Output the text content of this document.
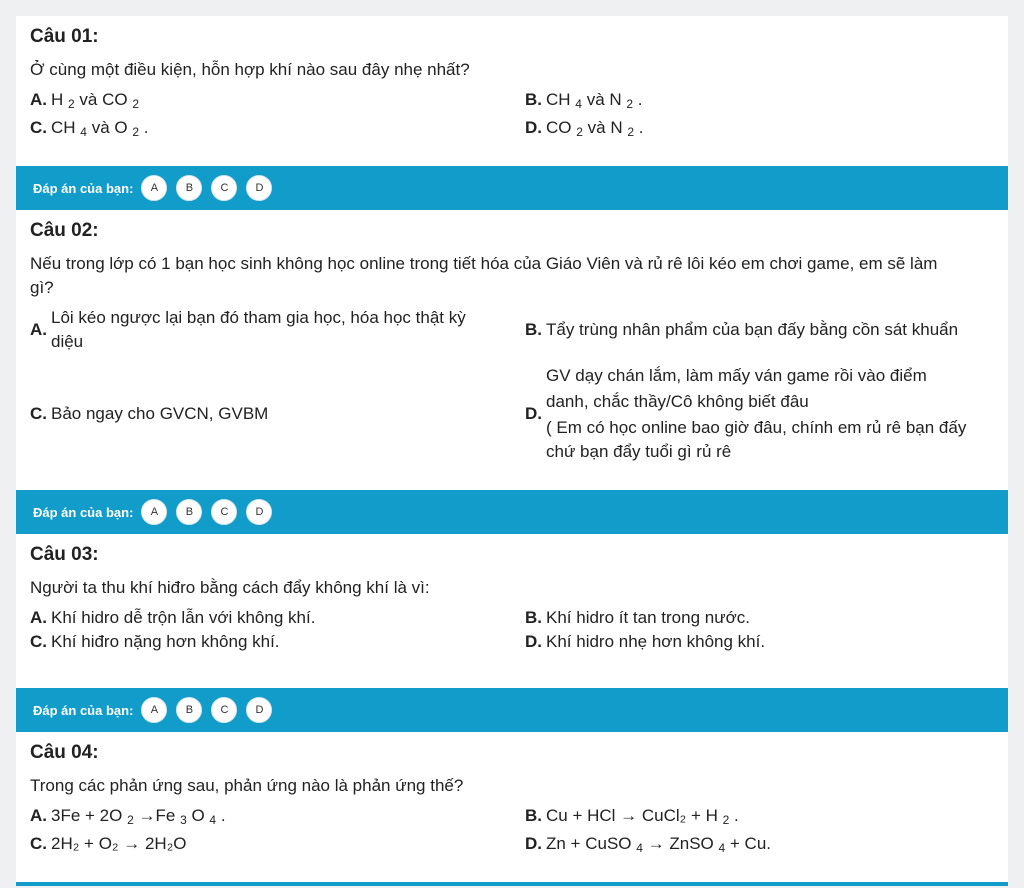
Câu 01:
Ở cùng một điều kiện, hỗn hợp khí nào sau đây nhẹ nhất?
A. H $_2$ và CO $_2$	B. CH $_4$ và N $_2$ .
C. CH $_4$ và O $_2$ .	D. CO $_2$ và N $_2$ .
Đáp án của bạn:	A	B	C	D
Câu 02:
Nếu trong lớp có 1 bạn học sinh không học online trong tiết hóa của Giáo Viên và rủ rê lôi kéo em chơi game, em sẽ làm
gì?
A.
Lôi kéo ngược lại bạn đó tham gia học, hóa học thật kỳ
diệu
B. Tẩy trùng nhân phẩm của bạn đấy bằng cồn sát khuẩn
C. Bảo ngay cho GVCN, GVBM	D.
GV dạy chán lắm, làm mấy ván game rồi vào điểm
danh, chắc thầy/Cô không biết đâu
( Em có học online bao giờ đâu, chính em rủ rê bạn đấy
chứ bạn đẩy tuổi gì rủ rê
Đáp án của bạn:	A	B	C	D
Câu 03:
Người ta thu khí hiđro bằng cách đẩy không khí là vì:
A. Khí hidro dễ trộn lẫn với không khí.	B. Khí hidro ít tan trong nước.
C. Khí hiđro nặng hơn không khí.	D. Khí hidro nhẹ hơn không khí.
Đáp án của bạn:	A	B	C	D
Câu 04:
Trong các phản ứng sau, phản ứng nào là phản ứng thế?
A. 3Fe + 2O $_2$ →Fe $_3$ O $_4$ .	B. Cu + HCl → CuCl₂ + H $_2$ .
C. 2H₂ + O₂ → 2H₂O	D. Zn + CuSO $_4$ → ZnSO $_4$ + Cu.
